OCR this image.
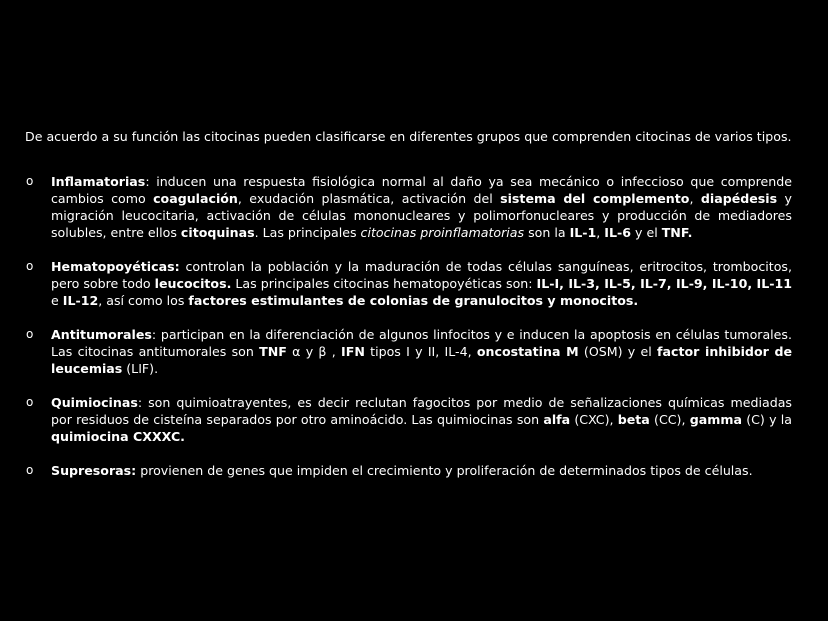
De acuerdo a su función las citocinas pueden clasificarse en diferentes grupos que comprenden citocinas de varios tipos.

o Inflamatorias: inducen una respuesta fisiológica normal al daño ya sea mecánico o infeccioso que comprende cambios como coagulación, exudación plasmática, activación del sistema del complemento, diapédesis y migración leucocitaria, activación de células mononucleares y polimorfonucleares y producción de mediadores solubles, entre ellos citoquinas. Las principales citocinas proinflamatorias son la IL-1, IL-6 y el TNF.
o Hematopoyéticas: controlan la población y la maduración de todas células sanguíneas, eritrocitos, trombocitos, pero sobre todo leucocitos. Las principales citocinas hematopoyéticas son: IL-I, IL-3, IL-5, IL-7, IL-9, IL-10, IL-11 e IL-12, así como los factores estimulantes de colonias de granulocitos y monocitos.
o Antitumorales: participan en la diferenciación de algunos linfocitos y e inducen la apoptosis en células tumorales. Las citocinas antitumorales son TNF α y β , IFN tipos I y II, IL-4, oncostatina M (OSM) y el factor inhibidor de leucemias (LIF).
o Quimiocinas: son quimioatrayentes, es decir reclutan fagocitos por medio de señalizaciones químicas mediadas por residuos de cisteína separados por otro aminoácido. Las quimiocinas son alfa (CXC), beta (CC), gamma (C) y la quimiocina CXXXC.
o Supresoras: provienen de genes que impiden el crecimiento y proliferación de determinados tipos de células.
